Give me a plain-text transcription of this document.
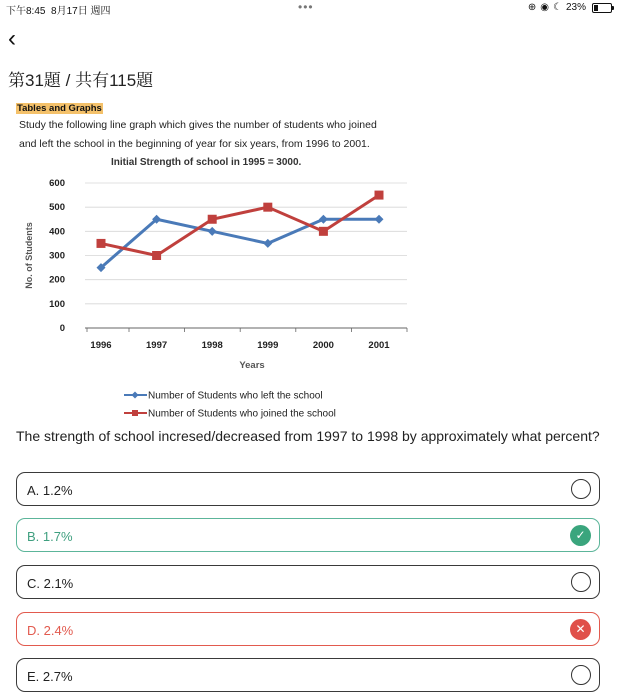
下午8:45 8月17日 週四	•••	⊕ ◉ ☾ 23%
‹
第31題 / 共有115題
Tables and Graphs
Study the following line graph which gives the number of students who joined
and left the school in the beginning of year for six years, from 1996 to 2001.
Initial Strength of school in 1995 = 3000.
0
100
200
300
400
500
600
1996	1997	1998	1999	2000	2001
Years
No. of Students
Number of Students who left the school
Number of Students who joined the school
The strength of school incresed/decreased from 1997 to 1998 by approximately what percent?
A. 1.2%
B. 1.7%	✓
C. 2.1%
D. 2.4%	✕
E. 2.7%
